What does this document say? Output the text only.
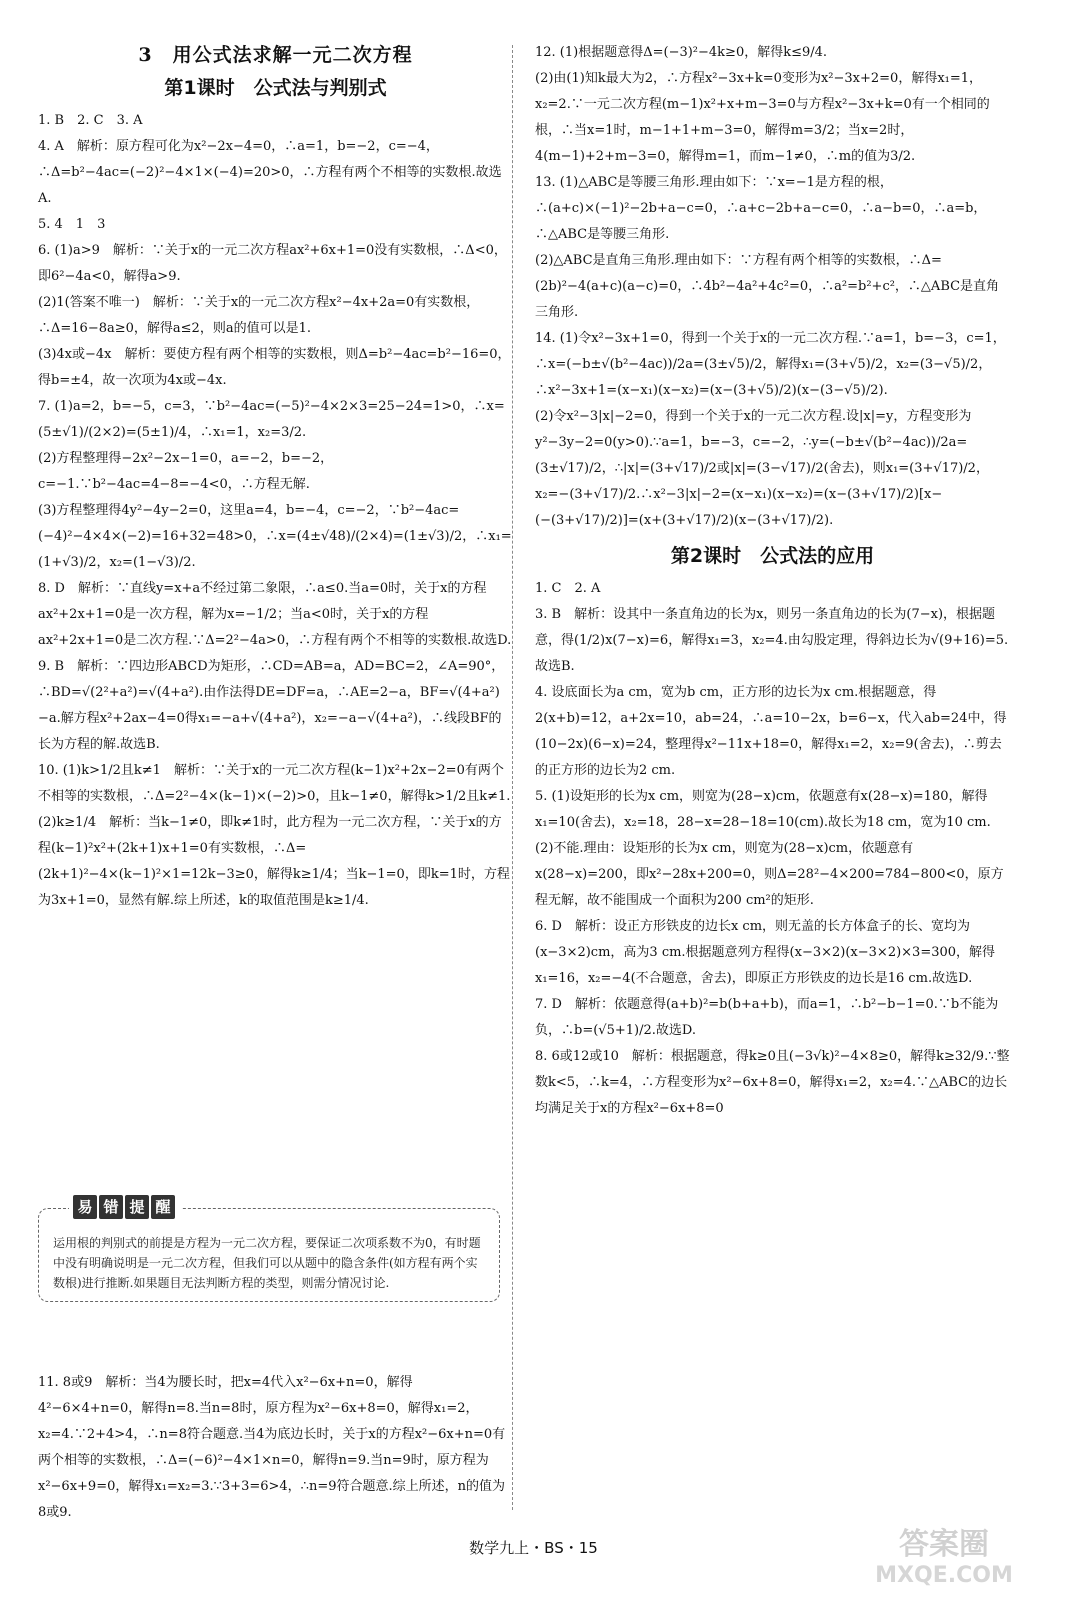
3　用公式法求解一元二次方程
第1课时　公式法与判别式

1. B　2. C　3. A

4. A　解析：原方程可化为x²−2x−4=0，∴a=1，b=−2，c=−4，∴Δ=b²−4ac=(−2)²−4×1×(−4)=20>0，∴方程有两个不相等的实数根.故选A.

5. 4　1　3

6. (1)a>9　解析：∵关于x的一元二次方程ax²+6x+1=0没有实数根，∴Δ<0，即6²−4a<0，解得a>9.

(2)1(答案不唯一)　解析：∵关于x的一元二次方程x²−4x+2a=0有实数根，∴Δ=16−8a≥0，解得a≤2，则a的值可以是1.

(3)4x或−4x　解析：要使方程有两个相等的实数根，则Δ=b²−4ac=b²−16=0，得b=±4，故一次项为4x或−4x.

7. (1)a=2，b=−5，c=3，∵b²−4ac=(−5)²−4×2×3=25−24=1>0，∴x=(5±√1)/(2×2)=(5±1)/4，∴x₁=1，x₂=3/2.

(2)方程整理得−2x²−2x−1=0，a=−2，b=−2，c=−1.∵b²−4ac=4−8=−4<0，∴方程无解.

(3)方程整理得4y²−4y−2=0，这里a=4，b=−4，c=−2，∵b²−4ac=(−4)²−4×4×(−2)=16+32=48>0，∴x=(4±√48)/(2×4)=(1±√3)/2，∴x₁=(1+√3)/2，x₂=(1−√3)/2.

8. D　解析：∵直线y=x+a不经过第二象限，∴a≤0.当a=0时，关于x的方程ax²+2x+1=0是一次方程，解为x=−1/2；当a<0时，关于x的方程ax²+2x+1=0是二次方程.∵Δ=2²−4a>0，∴方程有两个不相等的实数根.故选D.

9. B　解析：∵四边形ABCD为矩形，∴CD=AB=a，AD=BC=2，∠A=90°，∴BD=√(2²+a²)=√(4+a²).由作法得DE=DF=a，∴AE=2−a，BF=√(4+a²)−a.解方程x²+2ax−4=0得x₁=−a+√(4+a²)，x₂=−a−√(4+a²)，∴线段BF的长为方程的解.故选B.

10. (1)k>1/2且k≠1　解析：∵关于x的一元二次方程(k−1)x²+2x−2=0有两个不相等的实数根，∴Δ=2²−4×(k−1)×(−2)>0，且k−1≠0，解得k>1/2且k≠1.

(2)k≥1/4　解析：当k−1≠0，即k≠1时，此方程为一元二次方程，∵关于x的方程(k−1)²x²+(2k+1)x+1=0有实数根，∴Δ=(2k+1)²−4×(k−1)²×1=12k−3≥0，解得k≥1/4；当k−1=0，即k=1时，方程为3x+1=0，显然有解.综上所述，k的取值范围是k≥1/4.

11. 8或9　解析：当4为腰长时，把x=4代入x²−6x+n=0，解得4²−6×4+n=0，解得n=8.当n=8时，原方程为x²−6x+8=0，解得x₁=2，x₂=4.∵2+4>4，∴n=8符合题意.当4为底边长时，关于x的方程x²−6x+n=0有两个相等的实数根，∴Δ=(−6)²−4×1×n=0，解得n=9.当n=9时，原方程为x²−6x+9=0，解得x₁=x₂=3.∵3+3=6>4，∴n=9符合题意.综上所述，n的值为8或9.

易 错 提 醒
运用根的判别式的前提是方程为一元二次方程，要保证二次项系数不为0，有时题中没有明确说明是一元二次方程，但我们可以从题中的隐含条件(如方程有两个实数根)进行推断.如果题目无法判断方程的类型，则需分情况讨论.

12. (1)根据题意得Δ=(−3)²−4k≥0，解得k≤9/4.

(2)由(1)知k最大为2，∴方程x²−3x+k=0变形为x²−3x+2=0，解得x₁=1，x₂=2.∵一元二次方程(m−1)x²+x+m−3=0与方程x²−3x+k=0有一个相同的根，∴当x=1时，m−1+1+m−3=0，解得m=3/2；当x=2时，4(m−1)+2+m−3=0，解得m=1，而m−1≠0，∴m的值为3/2.

13. (1)△ABC是等腰三角形.理由如下：∵x=−1是方程的根，∴(a+c)×(−1)²−2b+a−c=0，∴a+c−2b+a−c=0，∴a−b=0，∴a=b，∴△ABC是等腰三角形.

(2)△ABC是直角三角形.理由如下：∵方程有两个相等的实数根，∴Δ=(2b)²−4(a+c)(a−c)=0，∴4b²−4a²+4c²=0，∴a²=b²+c²，∴△ABC是直角三角形.

14. (1)令x²−3x+1=0，得到一个关于x的一元二次方程.∵a=1，b=−3，c=1，∴x=(−b±√(b²−4ac))/2a=(3±√5)/2，解得x₁=(3+√5)/2，x₂=(3−√5)/2，∴x²−3x+1=(x−x₁)(x−x₂)=(x−(3+√5)/2)(x−(3−√5)/2).

(2)令x²−3|x|−2=0，得到一个关于x的一元二次方程.设|x|=y，方程变形为y²−3y−2=0(y>0).∵a=1，b=−3，c=−2，∴y=(−b±√(b²−4ac))/2a=(3±√17)/2，∴|x|=(3+√17)/2或|x|=(3−√17)/2(舍去)，则x₁=(3+√17)/2，x₂=−(3+√17)/2.∴x²−3|x|−2=(x−x₁)(x−x₂)=(x−(3+√17)/2)[x−(−(3+√17)/2)]=(x+(3+√17)/2)(x−(3+√17)/2).

第2课时　公式法的应用

1. C　2. A

3. B　解析：设其中一条直角边的长为x，则另一条直角边的长为(7−x)，根据题意，得(1/2)x(7−x)=6，解得x₁=3，x₂=4.由勾股定理，得斜边长为√(9+16)=5.故选B.

4. 设底面长为a cm，宽为b cm，正方形的边长为x cm.根据题意，得2(x+b)=12，a+2x=10，ab=24，∴a=10−2x，b=6−x，代入ab=24中，得(10−2x)(6−x)=24，整理得x²−11x+18=0，解得x₁=2，x₂=9(舍去)，∴剪去的正方形的边长为2 cm.

5. (1)设矩形的长为x cm，则宽为(28−x)cm，依题意有x(28−x)=180，解得x₁=10(舍去)，x₂=18，28−x=28−18=10(cm).故长为18 cm，宽为10 cm.

(2)不能.理由：设矩形的长为x cm，则宽为(28−x)cm，依题意有x(28−x)=200，即x²−28x+200=0，则Δ=28²−4×200=784−800<0，原方程无解，故不能围成一个面积为200 cm²的矩形.

6. D　解析：设正方形铁皮的边长x cm，则无盖的长方体盒子的长、宽均为(x−3×2)cm，高为3 cm.根据题意列方程得(x−3×2)(x−3×2)×3=300，解得x₁=16，x₂=−4(不合题意，舍去)，即原正方形铁皮的边长是16 cm.故选D.

7. D　解析：依题意得(a+b)²=b(b+a+b)，而a=1，∴b²−b−1=0.∵b不能为负，∴b=(√5+1)/2.故选D.

8. 6或12或10　解析：根据题意，得k≥0且(−3√k)²−4×8≥0，解得k≥32/9.∵整数k<5，∴k=4，∴方程变形为x²−6x+8=0，解得x₁=2，x₂=4.∵△ABC的边长均满足关于x的方程x²−6x+8=0

数学九上・BS・15	答案圈
MXQE.COM
